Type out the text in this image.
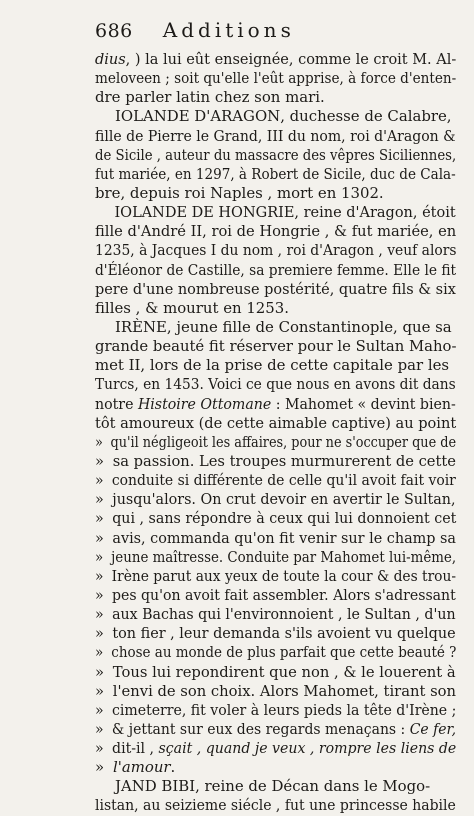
686 Additions
dius, ) la lui eût enseignée, comme le croit M. Al-
meloveen ; soit qu'elle l'eût apprise, à force d'enten-
dre parler latin chez son mari.
IOLANDE D'ARAGON, duchesse de Calabre,
fille de Pierre le Grand, III du nom, roi d'Aragon &
de Sicile , auteur du massacre des vêpres Siciliennes,
fut mariée, en 1297, à Robert de Sicile, duc de Cala-
bre, depuis roi Naples , mort en 1302.
IOLANDE DE HONGRIE, reine d'Aragon, étoit
fille d'André II, roi de Hongrie , & fut mariée, en
1235, à Jacques I du nom , roi d'Aragon , veuf alors
d'Éléonor de Castille, sa premiere femme. Elle le fit
pere d'une nombreuse postérité, quatre fils & six
filles , & mourut en 1253.
IRÈNE, jeune fille de Constantinople, que sa
grande beauté fit réserver pour le Sultan Maho-
met II, lors de la prise de cette capitale par les
Turcs, en 1453. Voici ce que nous en avons dit dans
notre Histoire Ottomane : Mahomet « devint bien-
tôt amoureux (de cette aimable captive) au point
» qu'il négligeoit les affaires, pour ne s'occuper que de
» sa passion. Les troupes murmurerent de cette
» conduite si différente de celle qu'il avoit fait voir
» jusqu'alors. On crut devoir en avertir le Sultan,
» qui , sans répondre à ceux qui lui donnoient cet
» avis, commanda qu'on fit venir sur le champ sa
» jeune maîtresse. Conduite par Mahomet lui-même,
» Irène parut aux yeux de toute la cour & des trou-
» pes qu'on avoit fait assembler. Alors s'adressant
» aux Bachas qui l'environnoient , le Sultan , d'un
» ton fier , leur demanda s'ils avoient vu quelque
» chose au monde de plus parfait que cette beauté ?
» Tous lui repondirent que non , & le louerent à
» l'envi de son choix. Alors Mahomet, tirant son
» cimeterre, fit voler à leurs pieds la tête d'Irène ;
» & jettant sur eux des regards menaçans : Ce fer,
» dit-il , sçait , quand je veux , rompre les liens de
» l'amour.
JAND BIBI, reine de Décan dans le Mogo-
listan, au seizieme siécle , fut une princesse habile
